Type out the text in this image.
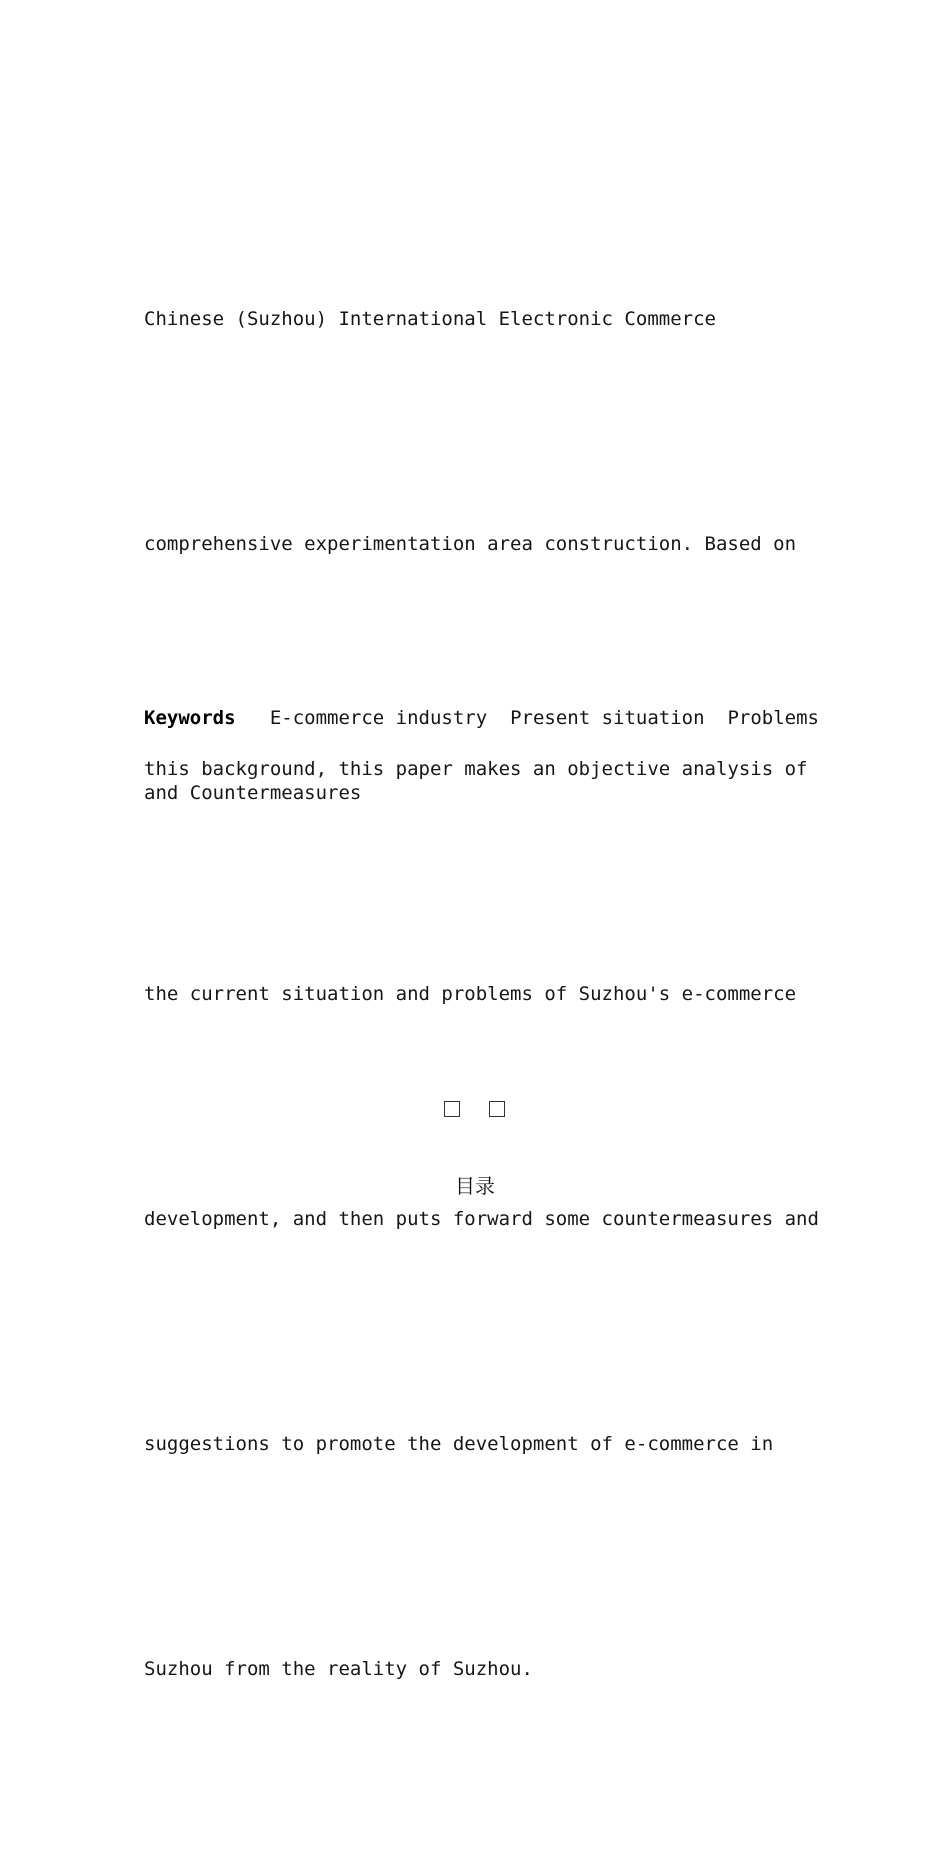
Chinese (Suzhou) International Electronic Commerce

comprehensive experimentation area construction. Based on

this background, this paper makes an objective analysis of

the current situation and problems of Suzhou's e-commerce

development, and then puts forward some countermeasures and

suggestions to promote the development of e-commerce in

Suzhou from the reality of Suzhou.

Keywords E-commerce industry Present situation Problems
and Countermeasures
目录
